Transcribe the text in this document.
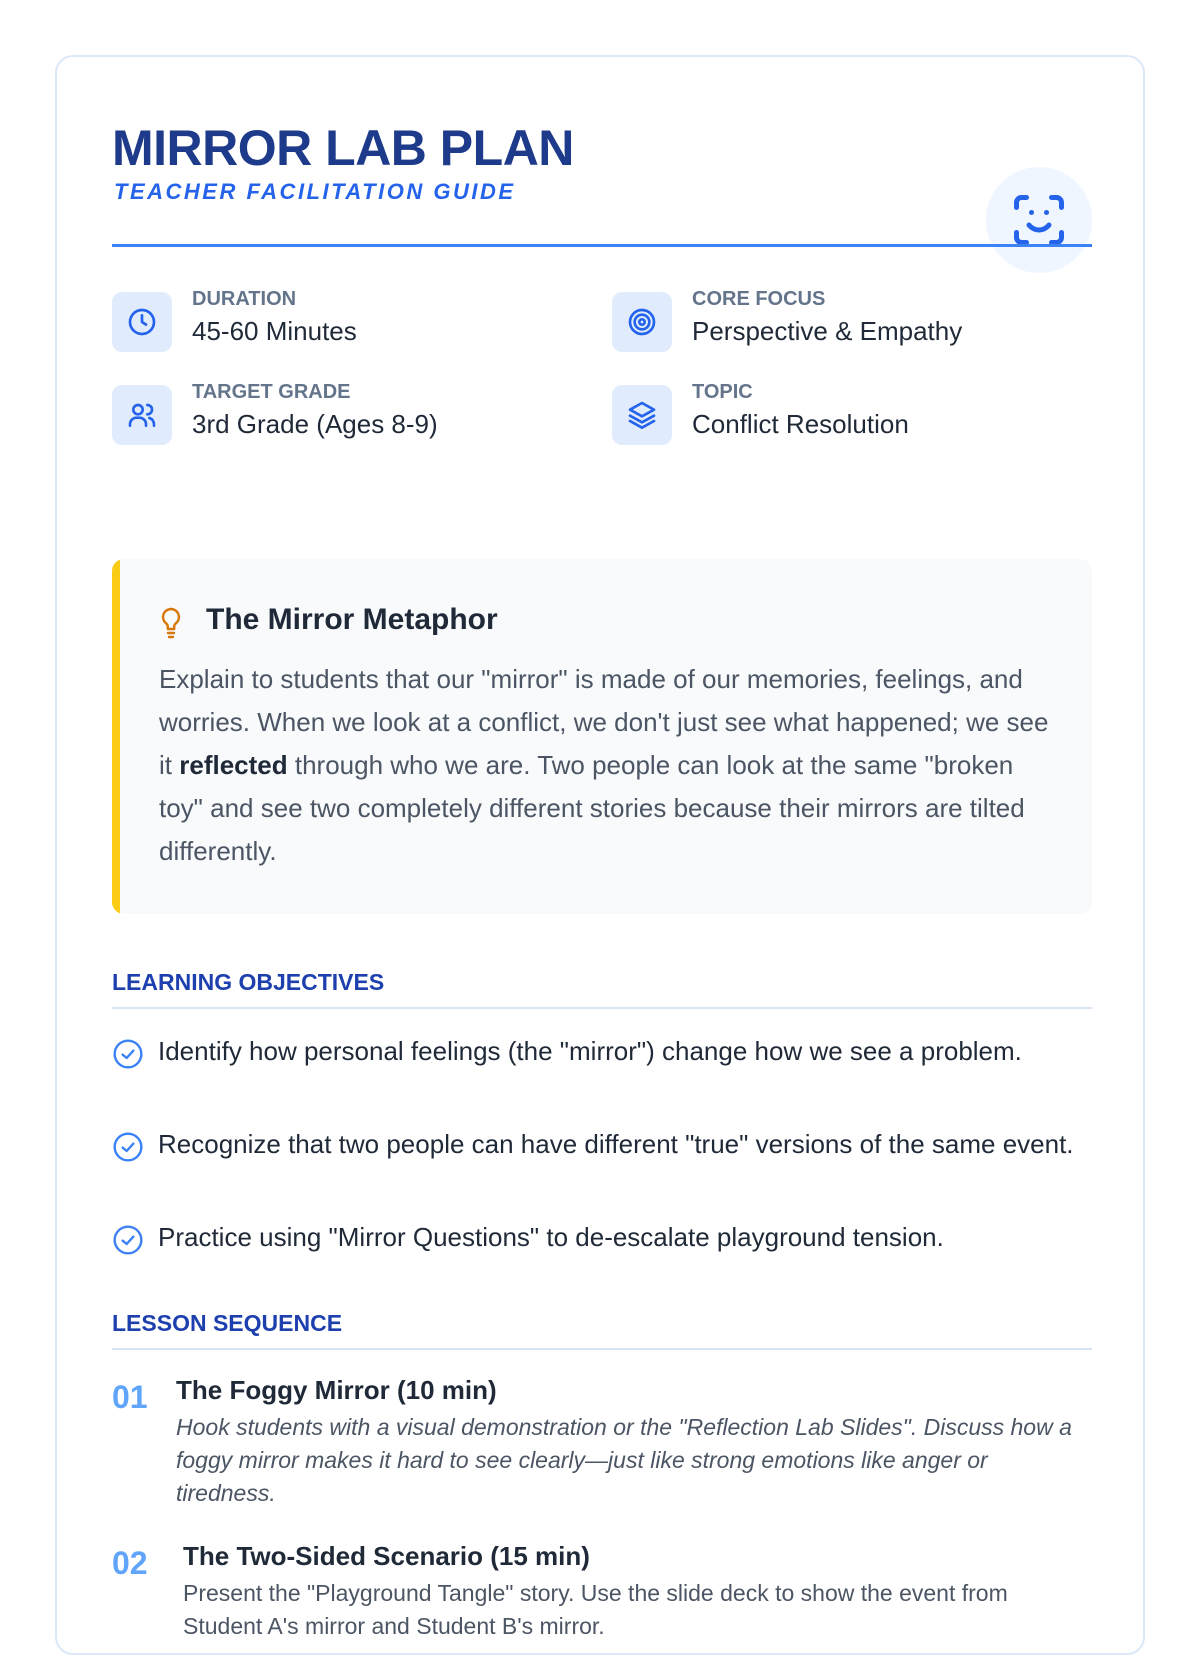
MIRROR LAB PLAN
TEACHER FACILITATION GUIDE
DURATION
45-60 Minutes
CORE FOCUS
Perspective & Empathy
TARGET GRADE
3rd Grade (Ages 8-9)
TOPIC
Conflict Resolution
The Mirror Metaphor
Explain to students that our "mirror" is made of our memories, feelings, and worries. When we look at a conflict, we don't just see what happened; we see it reflected through who we are. Two people can look at the same "broken toy" and see two completely different stories because their mirrors are tilted differently.
LEARNING OBJECTIVES
Identify how personal feelings (the "mirror") change how we see a problem.
Recognize that two people can have different "true" versions of the same event.
Practice using "Mirror Questions" to de-escalate playground tension.
LESSON SEQUENCE
01 The Foggy Mirror (10 min)
Hook students with a visual demonstration or the "Reflection Lab Slides". Discuss how a foggy mirror makes it hard to see clearly—just like strong emotions like anger or tiredness.
02 The Two-Sided Scenario (15 min)
Present the "Playground Tangle" story. Use the slide deck to show the event from Student A's mirror and Student B's mirror.
